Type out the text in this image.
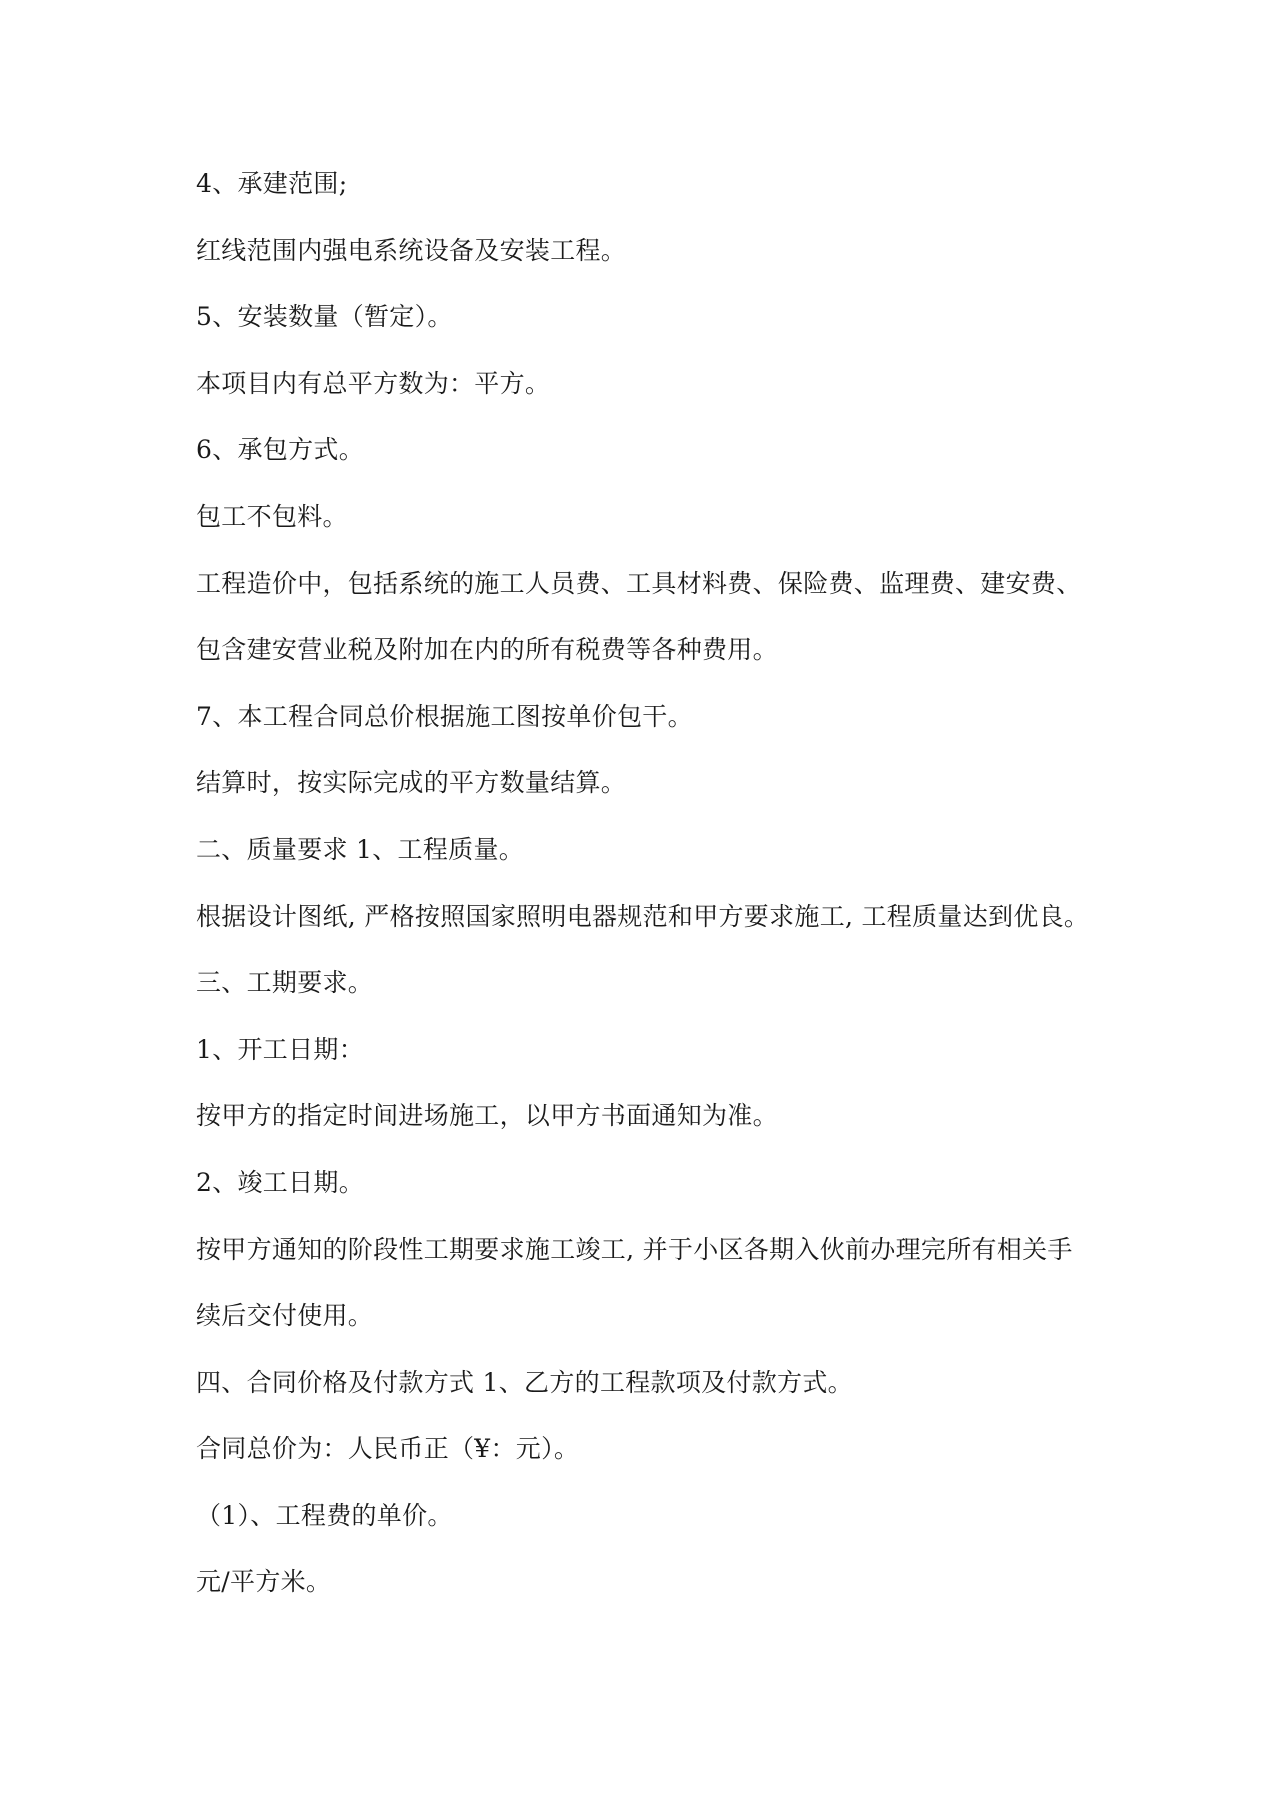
4、承建范围;
红线范围内强电系统设备及安装工程。
5、安装数量（暂定）。
本项目内有总平方数为：平方。
6、承包方式。
包工不包料。
工程造价中，包括系统的施工人员费、工具材料费、保险费、监理费、建安费、
包含建安营业税及附加在内的所有税费等各种费用。
7、本工程合同总价根据施工图按单价包干。
结算时，按实际完成的平方数量结算。
二、质量要求 1、工程质量。
根据设计图纸, 严格按照国家照明电器规范和甲方要求施工, 工程质量达到优良。
三、工期要求。
1、开工日期：
按甲方的指定时间进场施工，以甲方书面通知为准。
2、竣工日期。
按甲方通知的阶段性工期要求施工竣工, 并于小区各期入伙前办理完所有相关手
续后交付使用。
四、合同价格及付款方式 1、乙方的工程款项及付款方式。
合同总价为：人民币正（¥：元）。
（1）、工程费的单价。
元/平方米。
